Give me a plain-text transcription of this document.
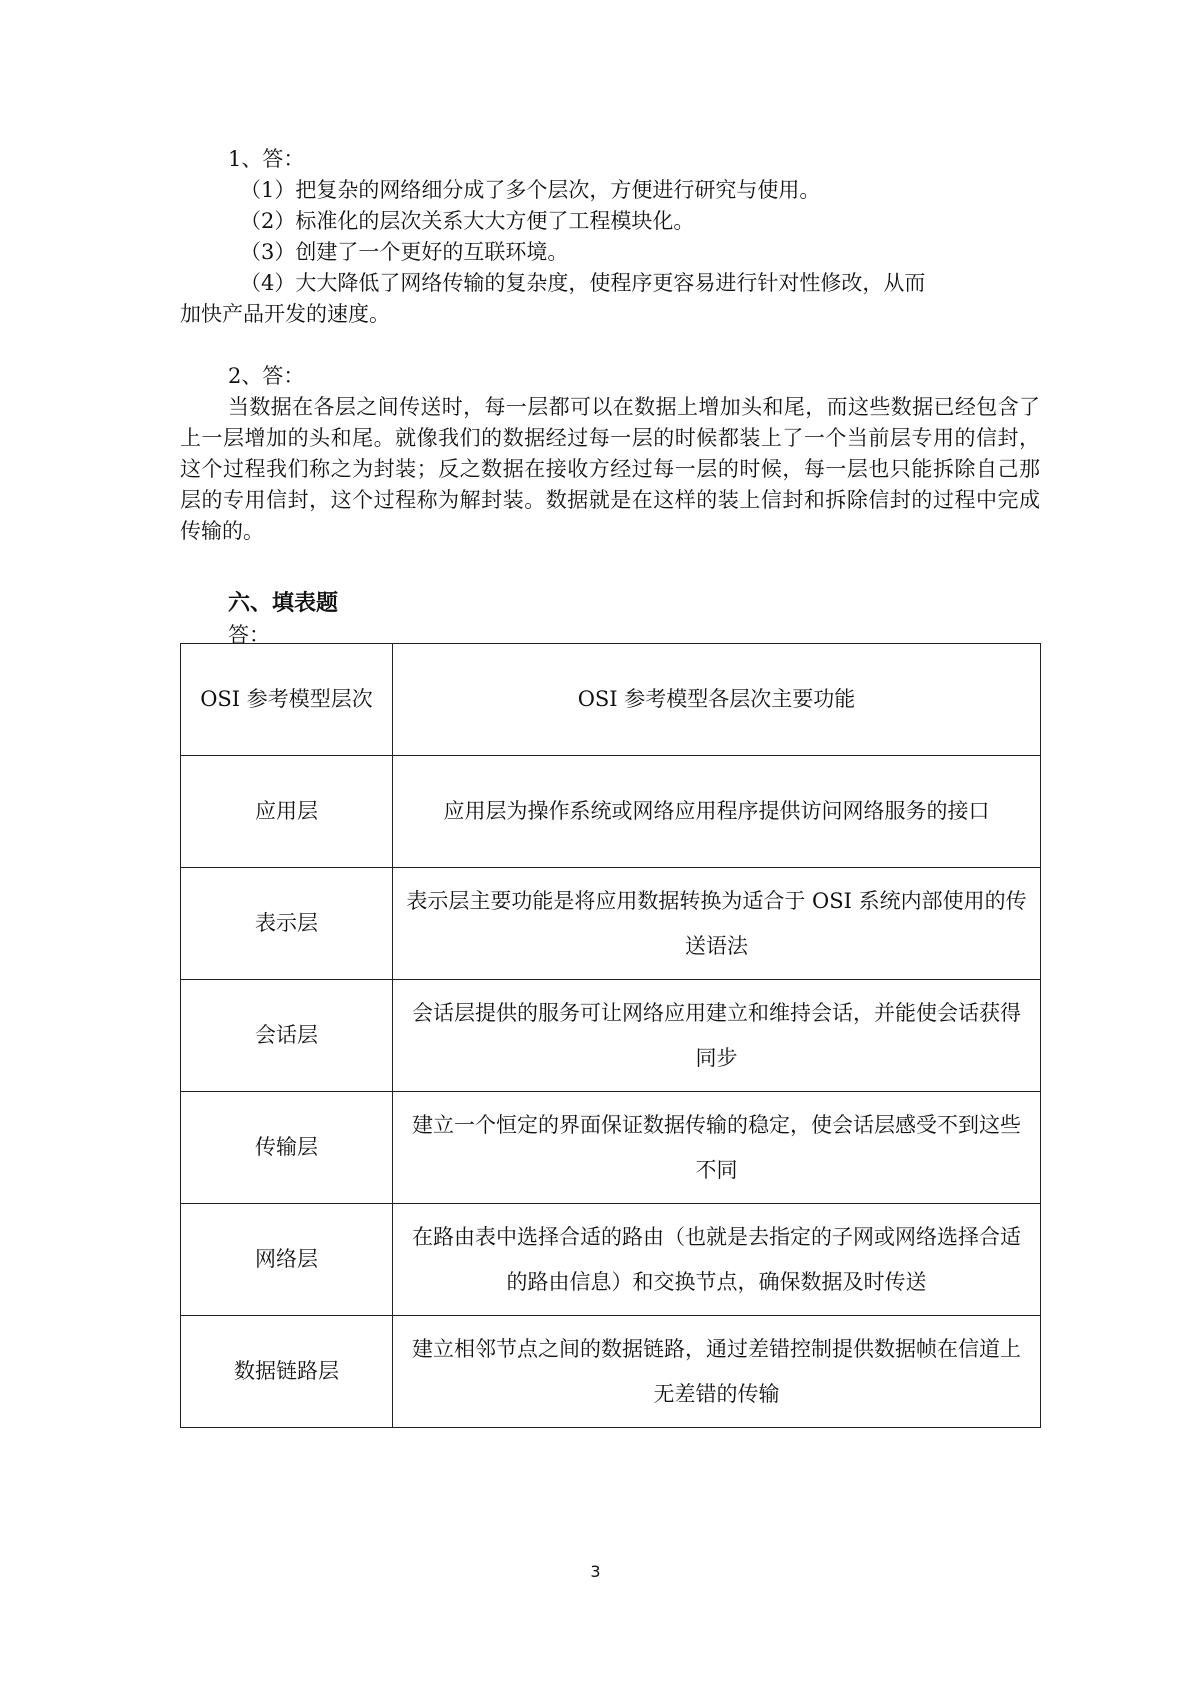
1、答：
（1）把复杂的网络细分成了多个层次，方便进行研究与使用。
（2）标准化的层次关系大大方便了工程模块化。
（3）创建了一个更好的互联环境。
（4）大大降低了网络传输的复杂度，使程序更容易进行针对性修改，从而
加快产品开发的速度。
2、答：
当数据在各层之间传送时，每一层都可以在数据上增加头和尾，而这些数据已经包含了上一层增加的头和尾。就像我们的数据经过每一层的时候都装上了一个当前层专用的信封，这个过程我们称之为封装；反之数据在接收方经过每一层的时候，每一层也只能拆除自己那层的专用信封，这个过程称为解封装。数据就是在这样的装上信封和拆除信封的过程中完成传输的。
六、填表题
答：
OSI 参考模型层次	OSI 参考模型各层次主要功能
应用层	应用层为操作系统或网络应用程序提供访问网络服务的接口
表示层	表示层主要功能是将应用数据转换为适合于 OSI 系统内部使用的传送语法
会话层	会话层提供的服务可让网络应用建立和维持会话，并能使会话获得同步
传输层	建立一个恒定的界面保证数据传输的稳定，使会话层感受不到这些不同
网络层	在路由表中选择合适的路由（也就是去指定的子网或网络选择合适的路由信息）和交换节点，确保数据及时传送
数据链路层	建立相邻节点之间的数据链路，通过差错控制提供数据帧在信道上无差错的传输
3
